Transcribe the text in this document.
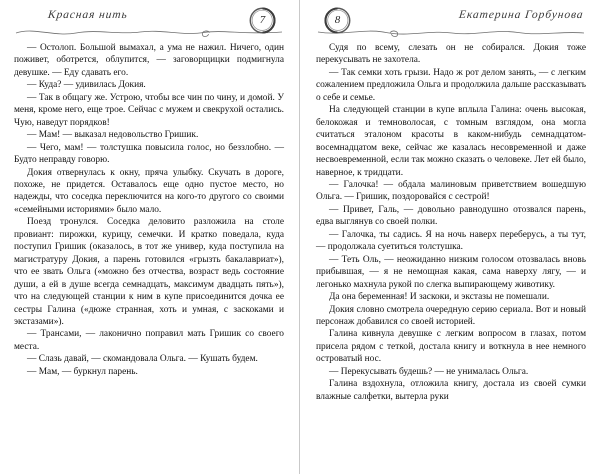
Красная нить	7

— Остолоп. Большой вымахал, а ума не нажил. Ничего, один поживет, оботрется, облупится, — заговорщицки подмигнула девушке. — Еду сдавать его.

— Куда? — удивилась Докия.

— Так в общагу же. Устрою, чтобы все чин по чину, и домой. У меня, кроме него, еще трое. Сейчас с мужем и свекрухой остались. Чую, наведут порядков!

— Мам! — выказал недовольство Гришик.

— Чего, мам! — толстушка повысила голос, но беззлобно. — Будто неправду говорю.

Докия отвернулась к окну, пряча улыбку. Скучать в дороге, похоже, не придется. Оставалось еще одно пустое место, но надежды, что соседка переключится на кого-то другого со своими «семейными историями» было мало.

Поезд тронулся. Соседка деловито разложила на столе провиант: пирожки, курицу, семечки. И кратко поведала, куда поступил Гришик (оказалось, в тот же универ, куда поступила на магистратуру Докия, а парень готовился «грызть бакалавриат»), что ее звать Ольга («можно без отчества, возраст ведь состояние души, а ей в душе всегда семнадцать, максимум двадцать пять»), что на следующей станции к ним в купе присоединится дочка ее сестры Галина («дюже странная, хоть и умная, с заскоками и экстазами»).

— Трансами, — лаконично поправил мать Гришик со своего места.

— Слазь давай, — скомандовала Ольга. — Кушать будем.

— Мам, — буркнул парень.

8	Екатерина Горбунова

Судя по всему, слезать он не собирался. Докия тоже перекусывать не захотела.

— Так семки хоть грызи. Надо ж рот делом занять, — с легким сожалением предложила Ольга и продолжила дальше рассказывать о себе и семье.

На следующей станции в купе вплыла Галина: очень высокая, белокожая и темноволосая, с томным взглядом, она могла считаться эталоном красоты в каком-нибудь семнадцатом-восемнадцатом веке, сейчас же казалась несовременной и даже несвоевременной, если так можно сказать о человеке. Лет ей было, наверное, к тридцати.

— Галочка! — обдала малиновым приветствием вошедшую Ольга. — Гришик, поздоровайся с сестрой!

— Привет, Галь, — довольно равнодушно отозвался парень, едва выглянув со своей полки.

— Галочка, ты садись. Я на ночь наверх переберусь, а ты тут, — продолжала суетиться толстушка.

— Теть Оль, — неожиданно низким голосом отозвалась вновь прибывшая, — я не немощная какая, сама наверху лягу, — и легонько махнула рукой по слегка выпирающему животику.

Да она беременная! И заскоки, и экстазы не помешали.

Докия словно смотрела очередную серию сериала. Вот и новый персонаж добавился со своей историей.

Галина кивнула девушке с легким вопросом в глазах, потом присела рядом с теткой, достала книгу и воткнула в нее немного островатый нос.

— Перекусывать будешь? — не унималась Ольга.

Галина вздохнула, отложила книгу, достала из своей сумки влажные салфетки, вытерла руки
